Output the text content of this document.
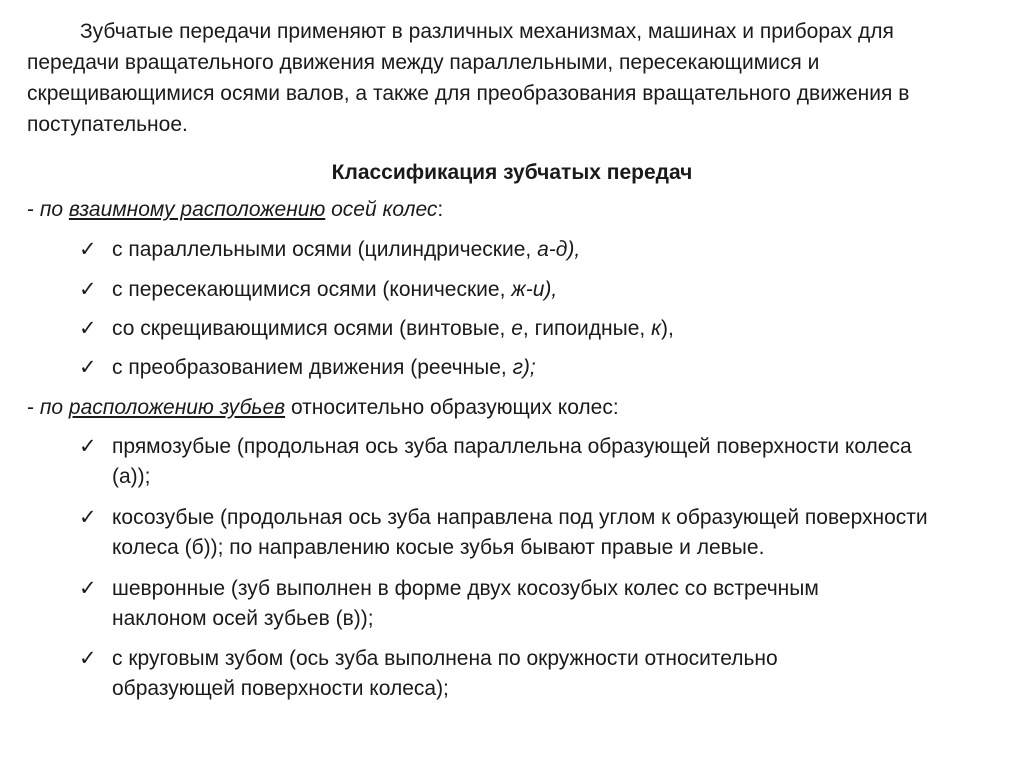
Зубчатые передачи применяют в различных механизмах, машинах и приборах для передачи вращательного движения между параллельными, пересекающимися и скрещивающимися осями валов, а также для преобразования вращательного движения в поступательное.

Классификация зубчатых передач

- по взаимному расположению осей колес:

✓ с параллельными осями (цилиндрические, а-д),
✓ с пересекающимися осями (конические, ж-и),
✓ со скрещивающимися осями (винтовые, е, гипоидные, к),
✓ с преобразованием движения (реечные, г);

- по расположению зубьев относительно образующих колес:

✓ прямозубые (продольная ось зуба параллельна образующей поверхности колеса (а));
✓ косозубые (продольная ось зуба направлена под углом к образующей поверхности колеса (б)); по направлению косые зубья бывают правые и левые.
✓ шевронные (зуб выполнен в форме двух косозубых колес со встречным наклоном осей зубьев (в));
✓ с круговым зубом (ось зуба выполнена по окружности относительно образующей поверхности колеса);
